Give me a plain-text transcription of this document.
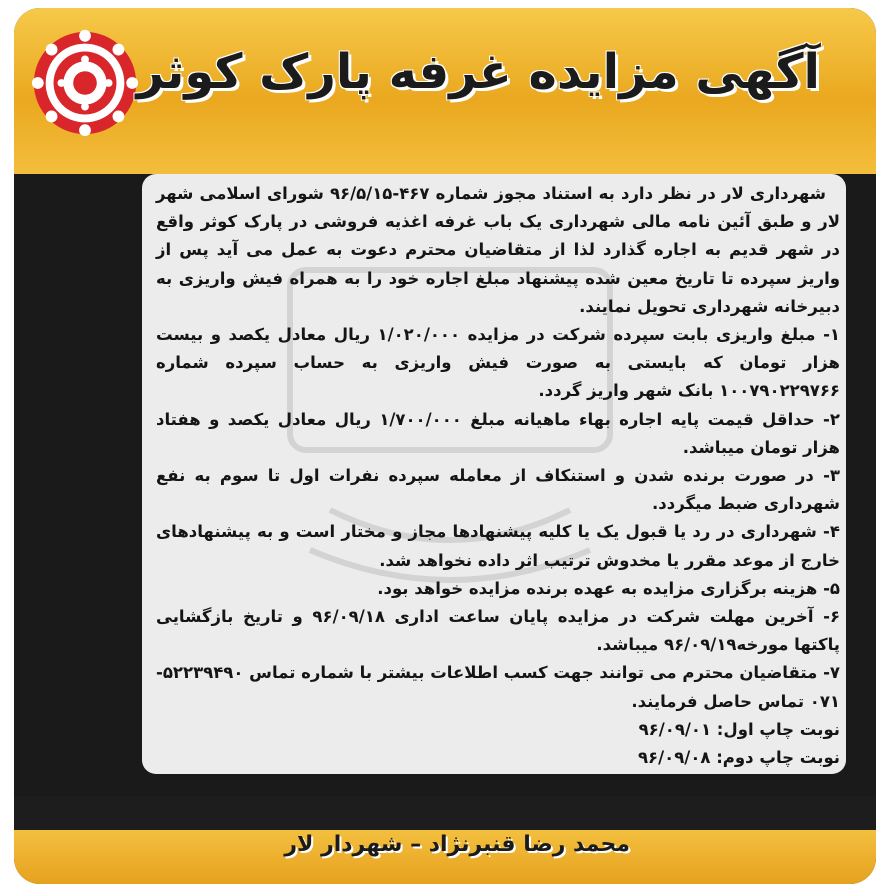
آگهی مزایده غرفه پارک کوثر

شهرداری لار در نظر دارد به استناد مجوز شماره ۴۶۷-۹۶/۵/۱۵ شورای اسلامی شهر لار و طبق آئین نامه مالی شهرداری یک باب غرفه اغذیه فروشی در پارک کوثر واقع در شهر قدیم به اجاره گذارد لذا از متقاضیان محترم دعوت به عمل می آید پس از واریز سپرده تا تاریخ معین شده پیشنهاد مبلغ اجاره خود را به همراه فیش واریزی به دبیرخانه شهرداری تحویل نمایند.

۱- مبلغ واریزی بابت سپرده شرکت در مزایده ۱/۰۲۰/۰۰۰ ریال معادل یکصد و بیست هزار تومان که بایستی به صورت فیش واریزی به حساب سپرده شماره ۱۰۰۷۹۰۲۲۹۷۶۶ بانک شهر واریز گردد.

۲- حداقل قیمت پایه اجاره بهاء ماهیانه مبلغ ۱/۷۰۰/۰۰۰ ریال معادل یکصد و هفتاد هزار تومان میباشد.

۳- در صورت برنده شدن و استنکاف از معامله سپرده نفرات اول تا سوم به نفع شهرداری ضبط میگردد.

۴- شهرداری در رد یا قبول یک یا کلیه پیشنهادها مجاز و مختار است و به پیشنهادهای خارج از موعد مقرر یا مخدوش ترتیب اثر داده نخواهد شد.

۵- هزینه برگزاری مزایده به عهده برنده مزایده خواهد بود.

۶- آخرین مهلت شرکت در مزایده پایان ساعت اداری ۹۶/۰۹/۱۸ و تاریخ بازگشایی پاکتها مورخه۹۶/۰۹/۱۹ میباشد.

۷- متقاضیان محترم می توانند جهت کسب اطلاعات بیشتر با شماره تماس ۵۲۲۳۹۴۹۰- ۰۷۱ تماس حاصل فرمایند.

نوبت چاپ اول: ۹۶/۰۹/۰۱

نوبت چاپ دوم: ۹۶/۰۹/۰۸

محمد رضا قنبرنژاد – شهردار لار
